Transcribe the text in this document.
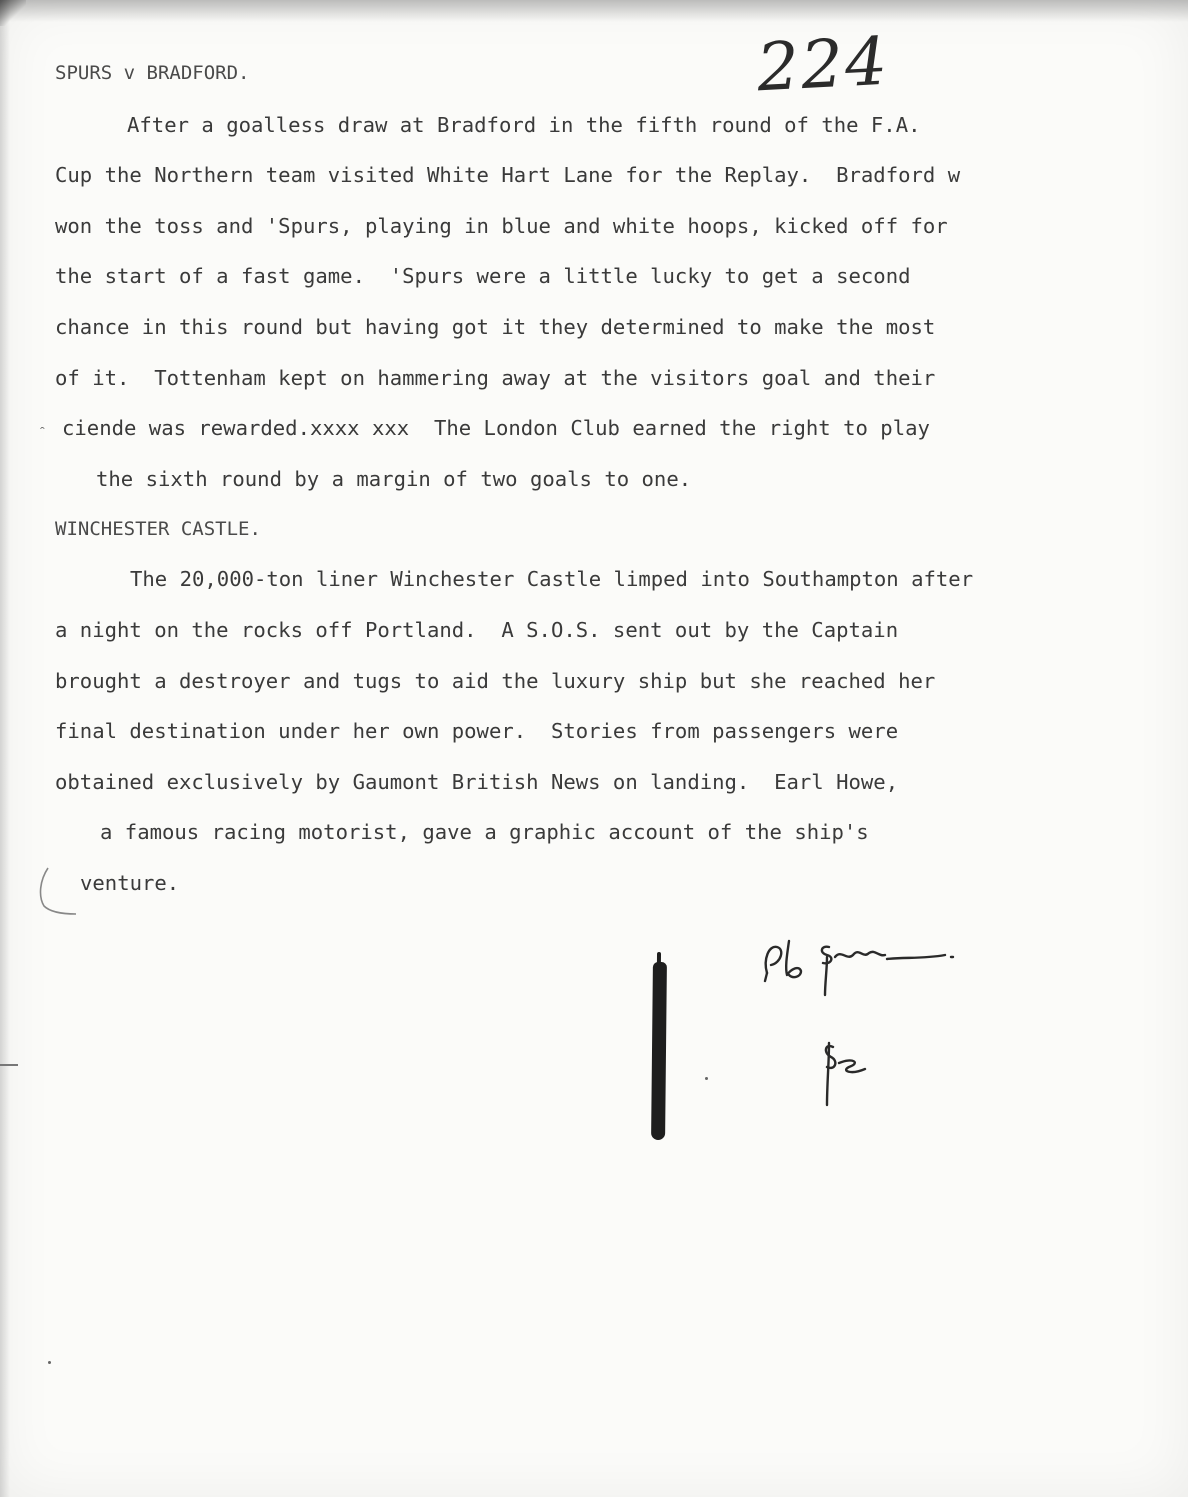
224
SPURS v BRADFORD.
After a goalless draw at Bradford in the fifth round of the F.A.
Cup the Northern team visited White Hart Lane for the Replay.  Bradford w
won the toss and 'Spurs, playing in blue and white hoops, kicked off for
the start of a fast game.  'Spurs were a little lucky to get a second
chance in this round but having got it they determined to make the most
of it.  Tottenham kept on hammering away at the visitors goal and their
ciende was rewarded.xxxx xxx  The London Club earned the right to play
the sixth round by a margin of two goals to one.
WINCHESTER CASTLE.
The 20,000-ton liner Winchester Castle limped into Southampton after
a night on the rocks off Portland.  A S.O.S. sent out by the Captain
brought a destroyer and tugs to aid the luxury ship but she reached her
final destination under her own power.  Stories from passengers were
obtained exclusively by Gaumont British News on landing.  Earl Howe,
a famous racing motorist, gave a graphic account of the ship's
venture.
ꞈ
